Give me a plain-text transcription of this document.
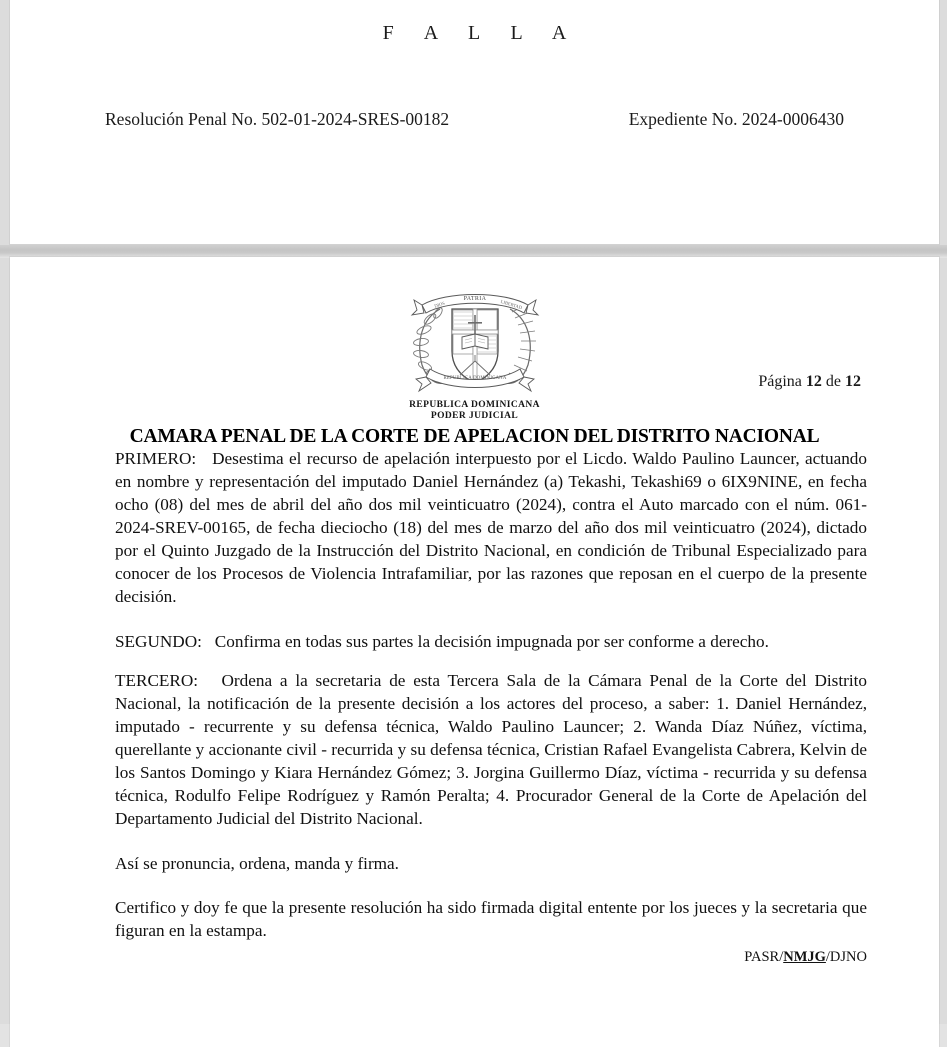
F A L L A
Resolución Penal No. 502-01-2024-SRES-00182	Expediente No. 2024-0006430
PATRIA
DIOS	LIBERTAD
REPUBLICA DOMINICANA
REPUBLICA DOMINICANA
PODER JUDICIAL
Página 12 de 12
CAMARA PENAL DE LA CORTE DE APELACION DEL DISTRITO NACIONAL

PRIMERO: Desestima el recurso de apelación interpuesto por el Licdo. Waldo Paulino Launcer, actuando en nombre y representación del imputado Daniel Hernández (a) Tekashi, Tekashi69 o 6IX9NINE, en fecha ocho (08) del mes de abril del año dos mil veinticuatro (2024), contra el Auto marcado con el núm. 061-2024-SREV-00165, de fecha dieciocho (18) del mes de marzo del año dos mil veinticuatro (2024), dictado por el Quinto Juzgado de la Instrucción del Distrito Nacional, en condición de Tribunal Especializado para conocer de los Procesos de Violencia Intrafamiliar, por las razones que reposan en el cuerpo de la presente decisión.

SEGUNDO: Confirma en todas sus partes la decisión impugnada por ser conforme a derecho.

TERCERO: Ordena a la secretaria de esta Tercera Sala de la Cámara Penal de la Corte del Distrito Nacional, la notificación de la presente decisión a los actores del proceso, a saber: 1. Daniel Hernández, imputado - recurrente y su defensa técnica, Waldo Paulino Launcer; 2. Wanda Díaz Núñez, víctima, querellante y accionante civil - recurrida y su defensa técnica, Cristian Rafael Evangelista Cabrera, Kelvin de los Santos Domingo y Kiara Hernández Gómez; 3. Jorgina Guillermo Díaz, víctima - recurrida y su defensa técnica, Rodulfo Felipe Rodríguez y Ramón Peralta; 4. Procurador General de la Corte de Apelación del Departamento Judicial del Distrito Nacional.

Así se pronuncia, ordena, manda y firma.

Certifico y doy fe que la presente resolución ha sido firmada digital entente por los jueces y la secretaria que figuran en la estampa.

PASR/NMJG/DJNO
